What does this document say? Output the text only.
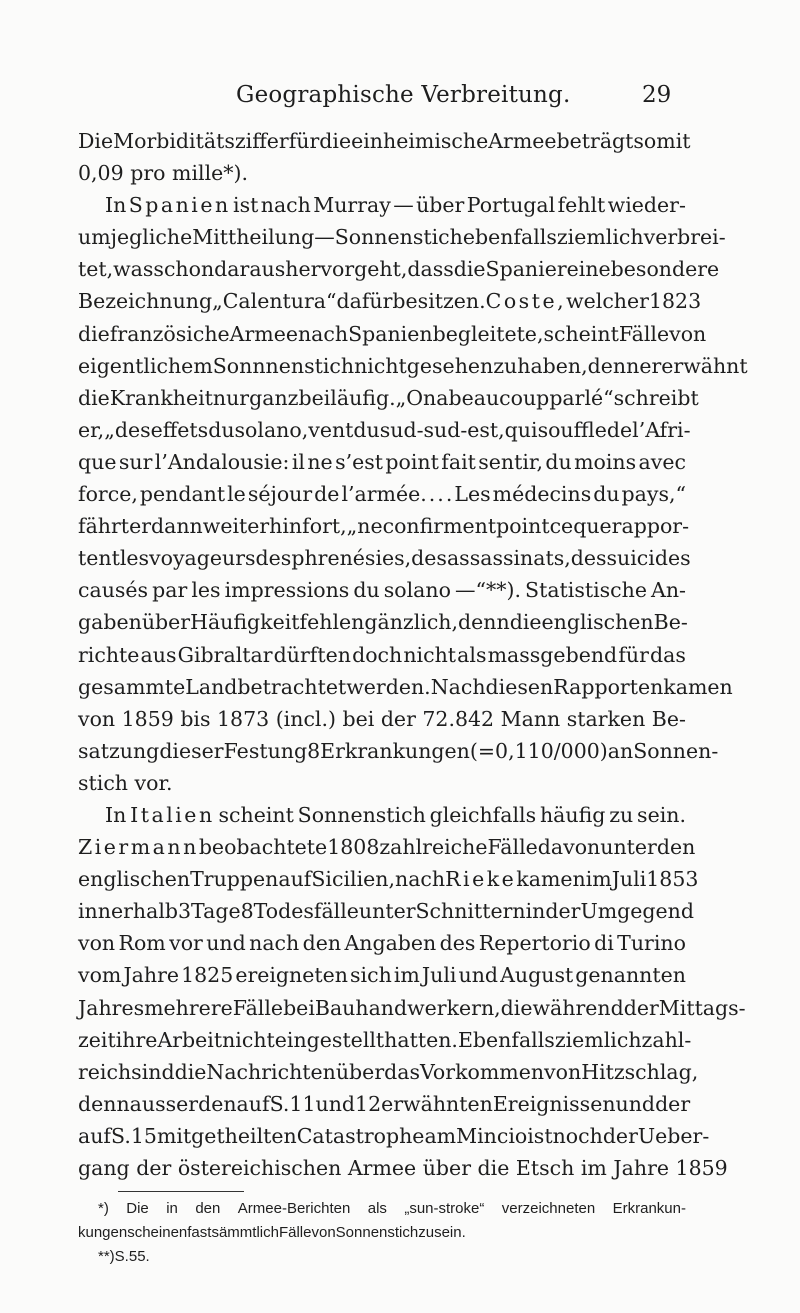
Geographische Verbreitung.	29
Die Morbiditätsziffer für die einheimische Armee beträgt somit
0,09 pro mille*).
In Spanien ist nach Murray — über Portugal fehlt wieder-
um jegliche Mittheilung — Sonnenstich ebenfalls ziemlich verbrei-
tet, was schon daraus hervorgeht, dass die Spanier eine besondere
Bezeichnung „Calentura“ dafür besitzen. Coste, welcher 1823
die französiche Armee nach Spanien begleitete, scheint Fälle von
eigentlichem Sonnnenstich nicht gesehen zu haben, denn er erwähnt
die Krankheit nur ganz beiläufig. „On a beaucoup parlé“ schreibt
er, „des effets du solano, vent du sud-sud-est, qui souffle de l’Afri-
que sur l’Andalousie: il ne s’est point fait sentir, du moins avec
force, pendant le séjour de l’armée. . . . Les médecins du pays,“
fährt er dann weiterhin fort, „ne confirment point ce que rappor-
tent les voyageurs des phrenésies, des assassinats, des suicides
causés par les impressions du solano —“**). Statistische An-
gaben über Häufigkeit fehlen gänzlich, denn die englischen Be-
richte aus Gibraltar dürften doch nicht als massgebend für das
gesammte Land betrachtet werden. Nach diesen Rapporten kamen
von 1859 bis 1873 (incl.) bei der 72.842 Mann starken Be-
satzung dieser Festung 8 Erkrankungen (= 0,11 0/000) an Sonnen-
stich vor.
In Italien scheint Sonnenstich gleichfalls häufig zu sein.
Ziermann beobachtete 1808 zahlreiche Fälle davon unter den
englischen Truppen auf Sicilien, nach Rieke kamen im Juli 1853
innerhalb 3 Tage 8 Todesfälle unter Schnittern in der Umgegend
von Rom vor und nach den Angaben des Repertorio di Turino
vom Jahre 1825 ereigneten sich im Juli und August genannten
Jahres mehrere Fälle bei Bauhandwerkern, die während der Mittags-
zeit ihre Arbeit nicht eingestellt hatten. Ebenfalls ziemlich zahl-
reich sind die Nachrichten über das Vorkommen von Hitzschlag,
denn ausser den auf S. 11 und 12 erwähnten Ereignissen und der
auf S. 15 mitgetheilten Catastrophe am Mincio ist noch der Ueber-
gang der östereichischen Armee über die Etsch im Jahre 1859
*) Die in den Armee-Berichten als „sun-stroke“ verzeichneten Erkrankun-
kungen scheinen fast sämmtlich Fälle von Sonnenstich zu sein.
**) S. 55.
